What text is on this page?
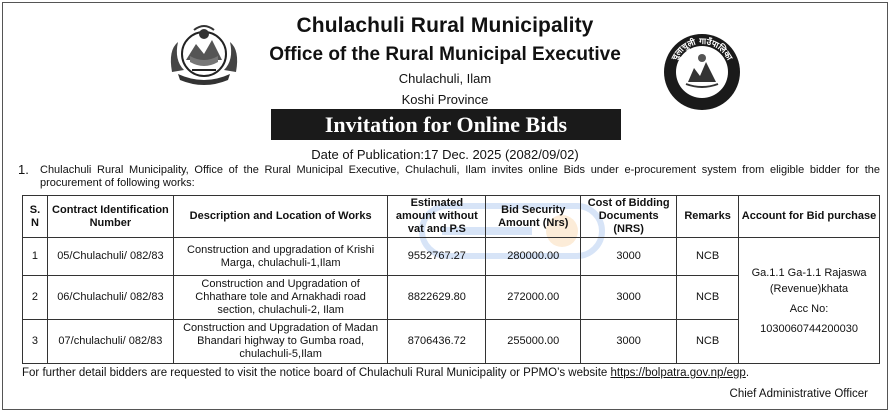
चुलाचुली गाउँपालिका
इलाम
Chulachuli Rural Municipality
Office of the Rural Municipal Executive
Chulachuli, Ilam
Koshi Province
Invitation for Online Bids
Date of Publication:17 Dec. 2025 (2082/09/02)
1. Chulachuli Rural Municipality, Office of the Rural Municipal Executive, Chulachuli, Ilam invites online Bids under e-procurement system from eligible bidder for the procurement of following works:
S. N	Contract Identification Number	Description and Location of Works	Estimated amount without vat and P.S	Bid Security Amount (Nrs)	Cost of Bidding Documents (NRS)	Remarks	Account for Bid purchase
1	05/Chulachuli/ 082/83	Construction and upgradation of Krishi Marga, chulachuli-1,Ilam	9552767.27	280000.00	3000	NCB	Ga.1.1 Ga-1.1 Rajaswa
(Revenue)khata
Acc No:
1030060744200030

2	06/Chulachuli/ 082/83	Construction and Upgradation of Chhathare tole and Arnakhadi road section, chulachuli-2, Ilam	8822629.80	272000.00	3000	NCB	
3	07/chulachuli/ 082/83	Construction and Upgradation of Madan Bhandari highway to Gumba road, chulachuli-5,Ilam	8706436.72	255000.00	3000	NCB	
For further detail bidders are requested to visit the notice board of Chulachuli Rural Municipality or PPMO’s website https://bolpatra.gov.np/egp.
Chief Administrative Officer
